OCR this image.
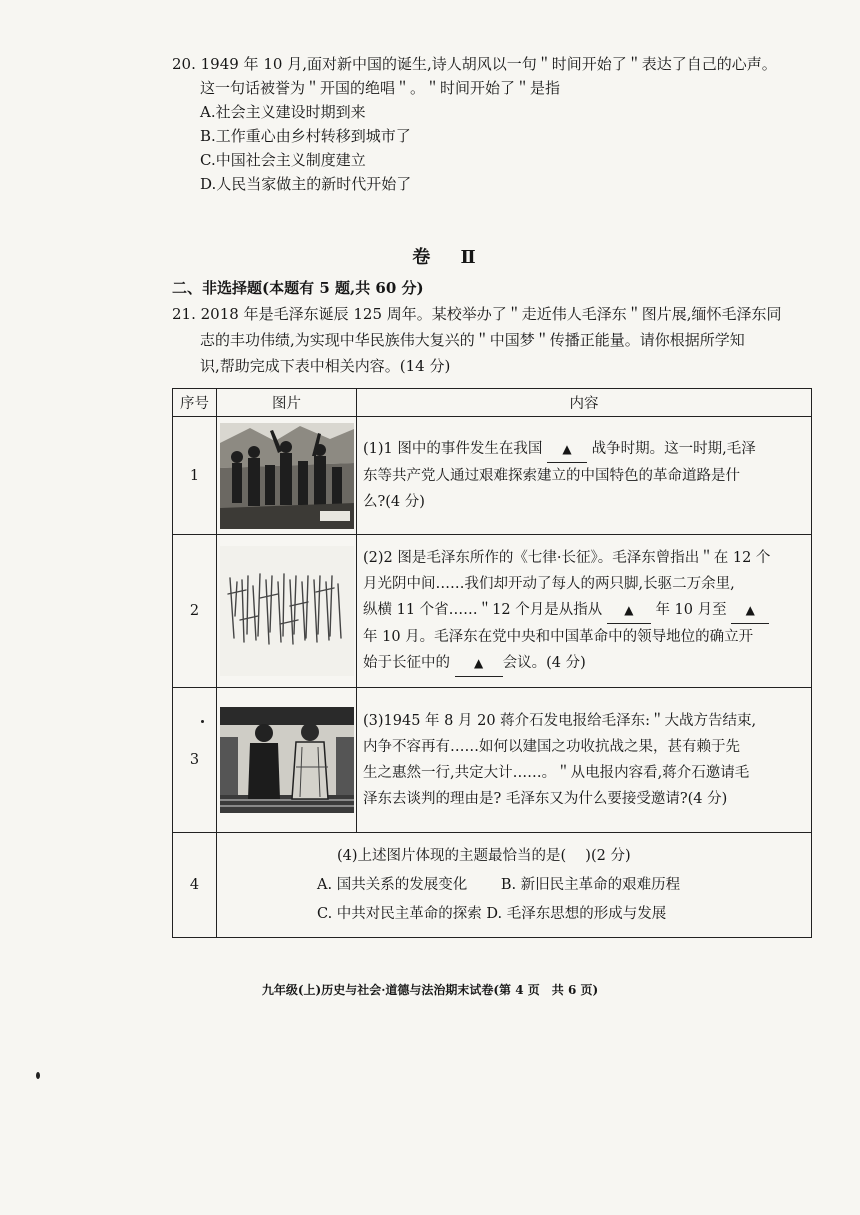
20. 1949 年 10 月,面对新中国的诞生,诗人胡风以一句＂时间开始了＂表达了自己的心声。
这一句话被誉为＂开国的绝唱＂。＂时间开始了＂是指
A.社会主义建设时期到来
B.工作重心由乡村转移到城市了
C.中国社会主义制度建立
D.人民当家做主的新时代开始了
卷 Ⅱ
二、非选择题(本题有 5 题,共 60 分)
21. 2018 年是毛泽东诞辰 125 周年。某校举办了＂走近伟人毛泽东＂图片展,缅怀毛泽东同
志的丰功伟绩,为实现中华民族伟大复兴的＂中国梦＂传播正能量。请你根据所学知
识,帮助完成下表中相关内容。(14 分)
序号	图片	内容
1		(1)1 图中的事件发生在我国 ▲ 战争时期。这一时期,毛泽
东等共产党人通过艰难探索建立的中国特色的革命道路是什
么?(4 分)

2		(2)2 图是毛泽东所作的《七律·长征》。毛泽东曾指出＂在 12 个
月光阴中间……我们却开动了每人的两只脚,长驱二万余里,
纵横 11 个省……＂12 个月是从指从 ▲ 年 10 月至 ▲
年 10 月。毛泽东在党中央和中国革命中的领导地位的确立开
始于长征中的 ▲ 会议。(4 分)

3		(3)1945 年 8 月 20 蒋介石发电报给毛泽东:＂大战方告结束,
内争不容再有……如何以建国之功收抗战之果，甚有赖于先
生之惠然一行,共定大计……。＂从电报内容看,蒋介石邀请毛
泽东去谈判的理由是? 毛泽东又为什么要接受邀请?(4 分)

4	(4)上述图片体现的主题最恰当的是(　 )(2 分)
A. 国共关系的发展变化　　 B. 新旧民主革命的艰难历程
C. 中共对民主革命的探索 D. 毛泽东思想的形成与发展	
九年级(上)历史与社会·道德与法治期末试卷(第 4 页　共 6 页)
